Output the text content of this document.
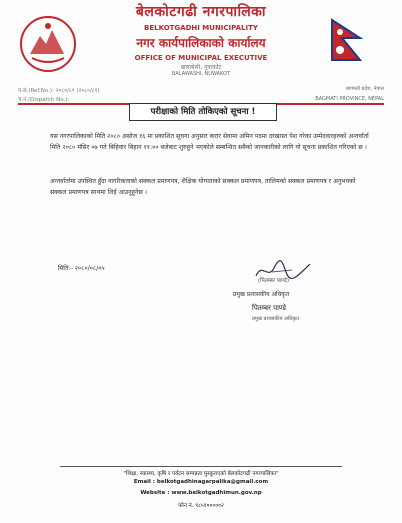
बेलकोटगढी नगरपालिका
BELKOTGADHI MUNICIPALITY
नगर कार्यपालिकाको कार्यालय
OFFICE OF MUNICIPAL EXECUTIVE
बालाबेसी, नुवाकोट
BALAWASHI, NUWAKOT
प.सं.(Ref.No.): २०८०/८१ (२०८०/८१)
च.नं.(Dispatch No.):
बागमती प्रदेश, नेपाल
BAGMATI PROVINCE, NEPAL
परीक्षाको मिति तोकिएको सूचना !
यस नगरपालिकाको मिति २०८० असोज १६ मा प्रकाशित सूचना अनुसार करार सेवामा अमिन पदमा दरखास्त पेश गरेका उम्मेदवारहरुको अन्तर्वार्ता मिति २०८० मंसिर ०७ गते बिहिवार बिहान ११:०० बजेबाट शुरुहुने भएकोले सम्बन्धित सबैको जानकारीको लागि यो सूचना प्रकाशित गरिएको छ ।
अन्तर्वार्तामा उपस्थित हुँदा नागरिकताको सक्कल प्रमाणपत्र, शैक्षिक योग्यताको सक्कल प्रमाणपत्र, तालिमको सक्कल प्रमाणपत्र र अनुभवको सक्कल प्रमाणपत्र साथमा लिई आउनुहुनेछ ।
मिति:- २०८०/०८/०५
(पितम्बर पाण्डे)
प्रमुख प्रशासकीय अधिकृत
पितम्बर पाण्डे
प्रमुख प्रशासकीय अधिकृत
"शिक्षा, स्वास्थ्य, कृषि र पर्यटन सम्पन्नता मुस्कुराएको बेलकोटगढी नगरपालिका"
Email : belkotgadhinagarpalika@gmail.com
Website : www.belkotgadhimun.gov.np
फोन नं. ९८५१०००००२
